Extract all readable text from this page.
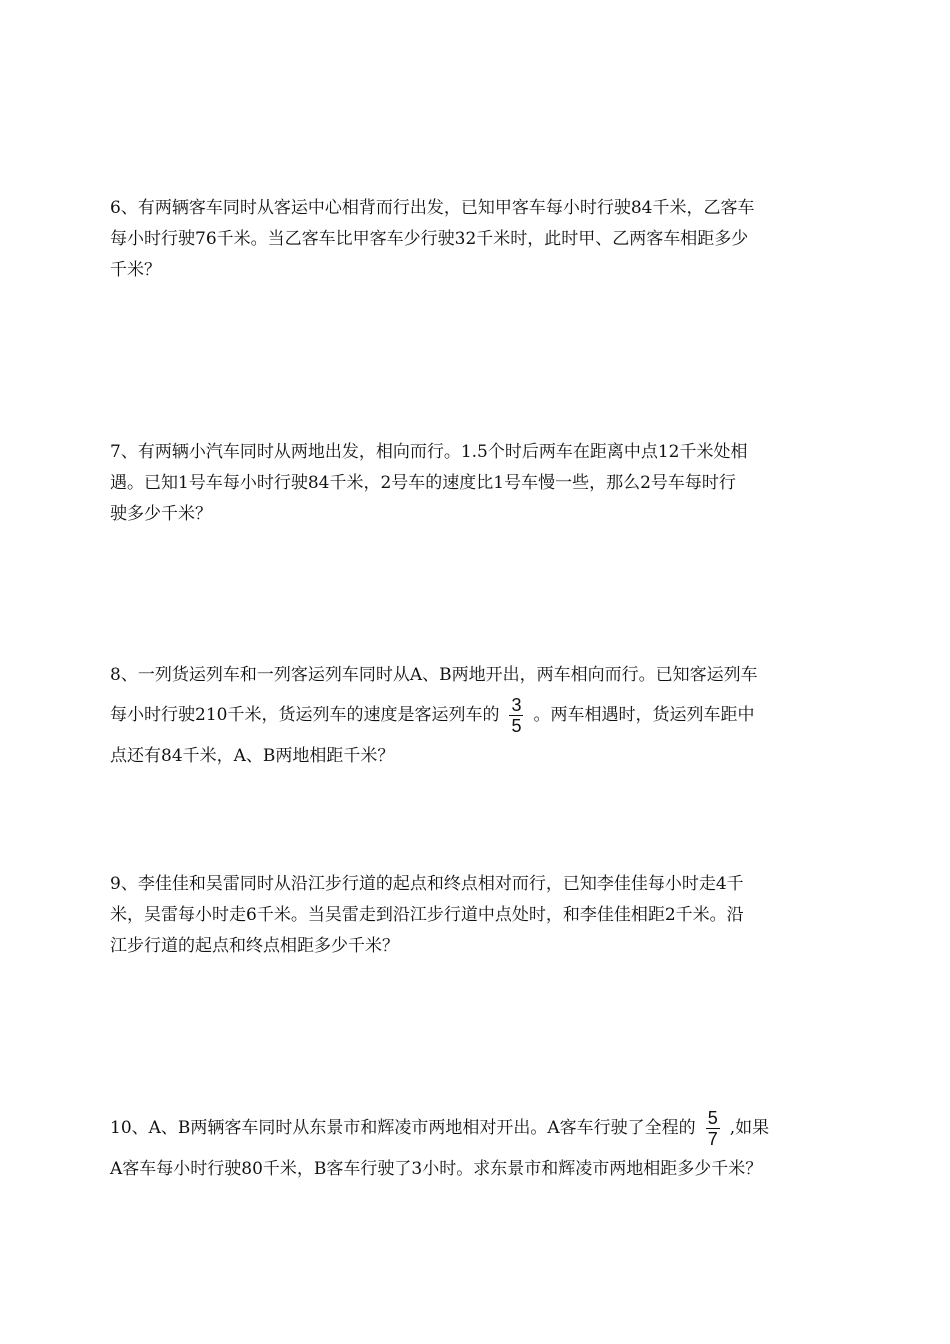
6、有两辆客车同时从客运中心相背而行出发，已知甲客车每小时行驶84千米，乙客车
每小时行驶76千米。当乙客车比甲客车少行驶32千米时，此时甲、乙两客车相距多少
千米？

7、有两辆小汽车同时从两地出发，相向而行。1.5个时后两车在距离中点12千米处相
遇。已知1号车每小时行驶84千米，2号车的速度比1号车慢一些，那么2号车每时行
驶多少千米？

8、一列货运列车和一列客运列车同时从A、B两地开出，两车相向而行。已知客运列车
每小时行驶210千米，货运列车的速度是客运列车的 $\frac{3}{5}$ 。两车相遇时，货运列车距中
点还有84千米，A、B两地相距千米？

9、李佳佳和吴雷同时从沿江步行道的起点和终点相对而行，已知李佳佳每小时走4千
米，吴雷每小时走6千米。当吴雷走到沿江步行道中点处时，和李佳佳相距2千米。沿
江步行道的起点和终点相距多少千米？

10、A、B两辆客车同时从东景市和辉凌市两地相对开出。A客车行驶了全程的 $\frac{5}{7}$ ,如果
A客车每小时行驶80千米，B客车行驶了3小时。求东景市和辉凌市两地相距多少千米？
